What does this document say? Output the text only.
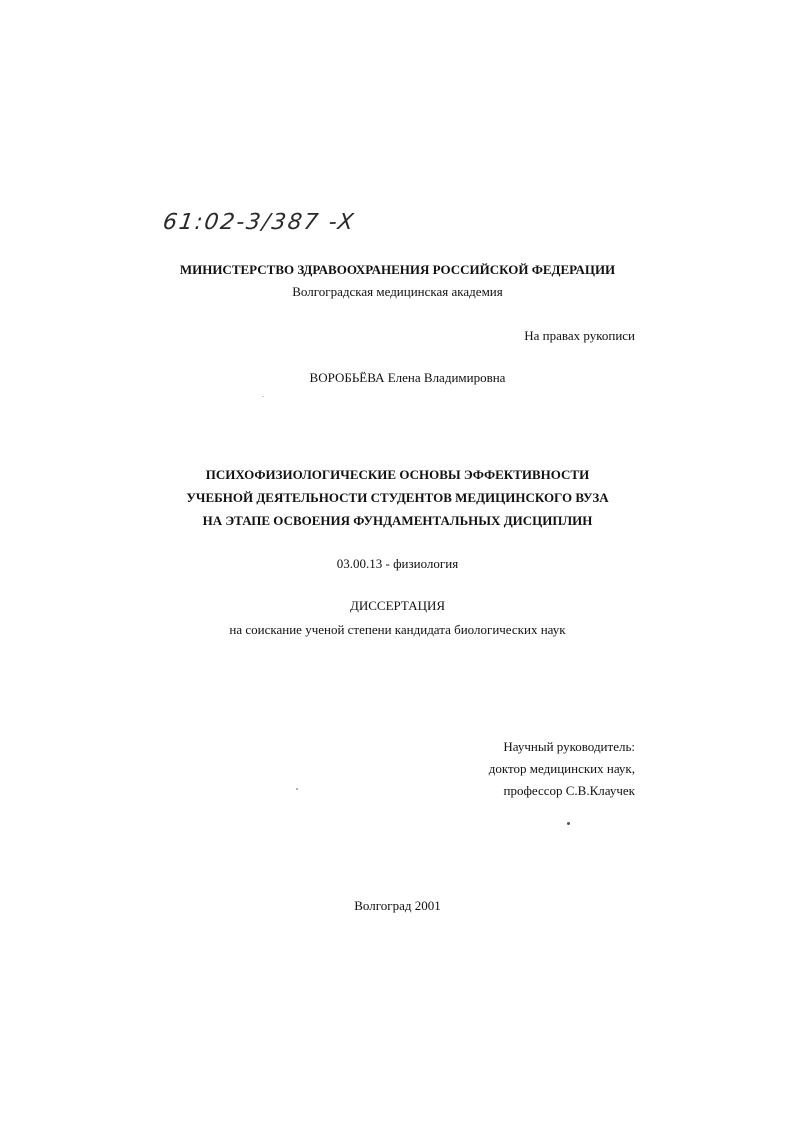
61:02-3/387 -X
МИНИСТЕРСТВО ЗДРАВООХРАНЕНИЯ РОССИЙСКОЙ ФЕДЕРАЦИИ
Волгоградская медицинская академия
На правах рукописи
ВОРОБЬЁВА Елена Владимировна
ПСИХОФИЗИОЛОГИЧЕСКИЕ ОСНОВЫ ЭФФЕКТИВНОСТИ
УЧЕБНОЙ ДЕЯТЕЛЬНОСТИ СТУДЕНТОВ МЕДИЦИНСКОГО ВУЗА
НА ЭТАПЕ ОСВОЕНИЯ ФУНДАМЕНТАЛЬНЫХ ДИСЦИПЛИН
03.00.13 - физиология
ДИССЕРТАЦИЯ
на соискание ученой степени кандидата биологических наук
Научный руководитель:
доктор медицинских наук,
профессор С.В.Клаучек
Волгоград 2001
